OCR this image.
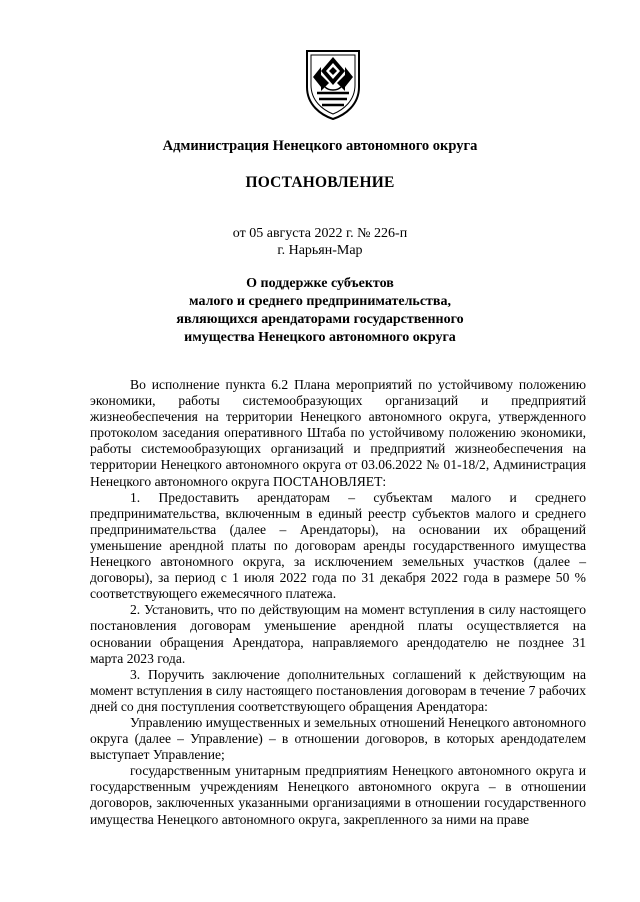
Администрация Ненецкого автономного округа
ПОСТАНОВЛЕНИЕ
от 05 августа 2022 г. № 226-п
г. Нарьян-Мар
О поддержке субъектов
малого и среднего предпринимательства,
являющихся арендаторами государственного
имущества Ненецкого автономного округа

Во исполнение пункта 6.2 Плана мероприятий по устойчивому положению экономики, работы системообразующих организаций и предприятий жизнеобеспечения на территории Ненецкого автономного округа, утвержденного протоколом заседания оперативного Штаба по устойчивому положению экономики, работы системообразующих организаций и предприятий жизнеобеспечения на территории Ненецкого автономного округа от 03.06.2022 № 01-18/2, Администрация Ненецкого автономного округа ПОСТАНОВЛЯЕТ:

1. Предоставить арендаторам – субъектам малого и среднего предпринимательства, включенным в единый реестр субъектов малого и среднего предпринимательства (далее – Арендаторы), на основании их обращений уменьшение арендной платы по договорам аренды государственного имущества Ненецкого автономного округа, за исключением земельных участков (далее – договоры), за период с 1 июля 2022 года по 31 декабря 2022 года в размере 50 % соответствующего ежемесячного платежа.

2. Установить, что по действующим на момент вступления в силу настоящего постановления договорам уменьшение арендной платы осуществляется на основании обращения Арендатора, направляемого арендодателю не позднее 31 марта 2023 года.

3. Поручить заключение дополнительных соглашений к действующим на момент вступления в силу настоящего постановления договорам в течение 7 рабочих дней со дня поступления соответствующего обращения Арендатора:

Управлению имущественных и земельных отношений Ненецкого автономного округа (далее – Управление) – в отношении договоров, в которых арендодателем выступает Управление;

государственным унитарным предприятиям Ненецкого автономного округа и государственным учреждениям Ненецкого автономного округа – в отношении договоров, заключенных указанными организациями в отношении государственного имущества Ненецкого автономного округа, закрепленного за ними на праве
